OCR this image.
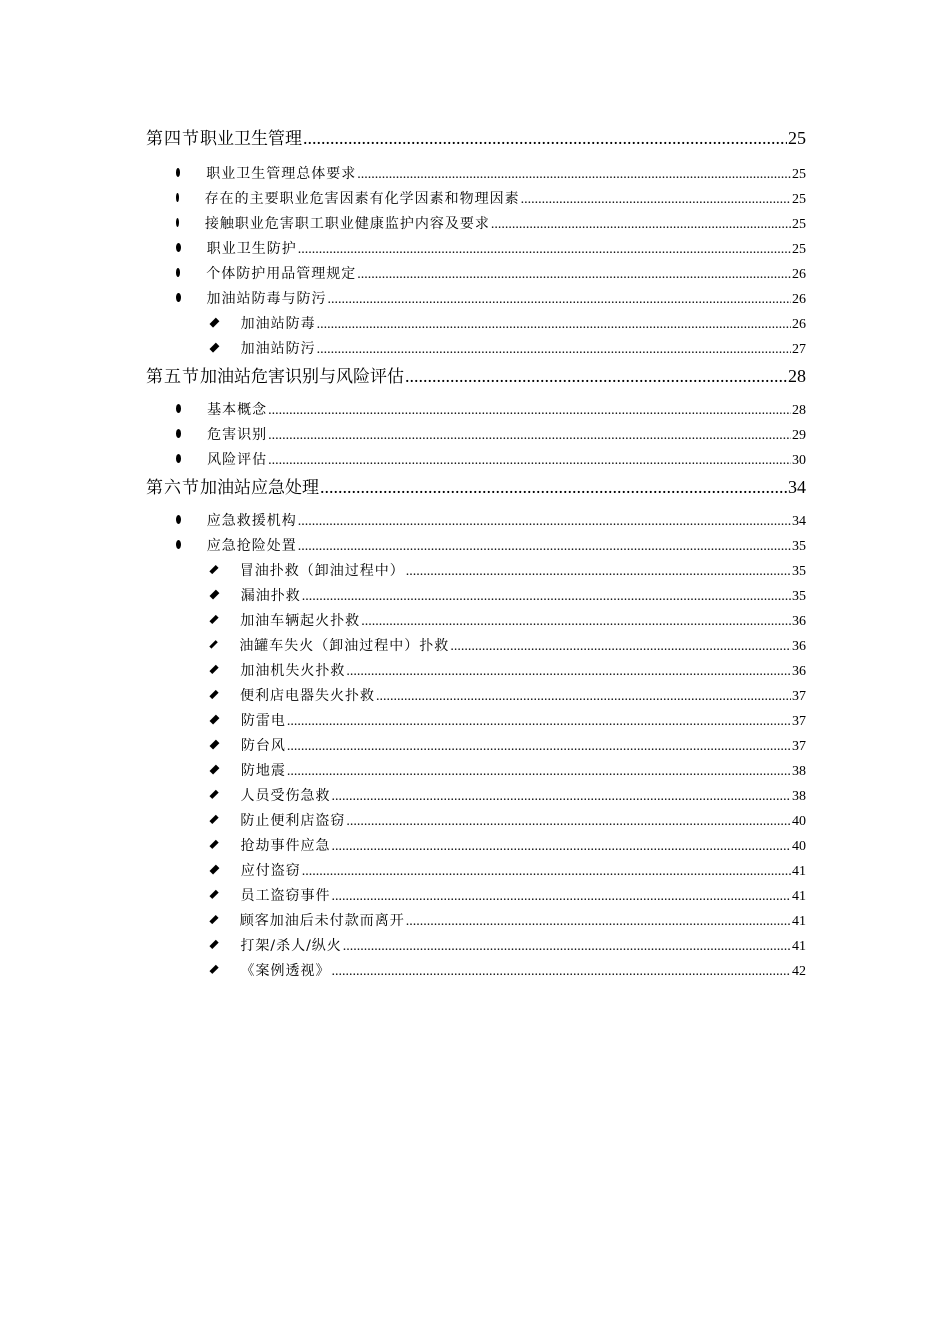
第四节 职业卫生管理 .....	25
职业卫生管理总体要求 .....	25
存在的主要职业危害因素有化学因素和物理因素 .....	25
接触职业危害职工职业健康监护内容及要求 .....	25
职业卫生防护 .....	25
个体防护用品管理规定 .....	26
加油站防毒与防污 .....	26
加油站防毒 .....	26
加油站防污 .....	27
第五节 加油站危害识别与风险评估 .....	28
基本概念 .....	28
危害识别 .....	29
风险评估 .....	30
第六节 加油站应急处理 .....	34
应急救援机构 .....	34
应急抢险处置 .....	35
冒油扑救（卸油过程中） .....	35
漏油扑救 .....	35
加油车辆起火扑救 .....	36
油罐车失火（卸油过程中）扑救 .....	36
加油机失火扑救 .....	36
便利店电器失火扑救 .....	37
防雷电 .....	37
防台风 .....	37
防地震 .....	38
人员受伤急救 .....	38
防止便利店盗窃 .....	40
抢劫事件应急 .....	40
应付盗窃 .....	41
员工盗窃事件 .....	41
顾客加油后未付款而离开 .....	41
打架/杀人/纵火 .....	41
《案例透视》 .....	42
